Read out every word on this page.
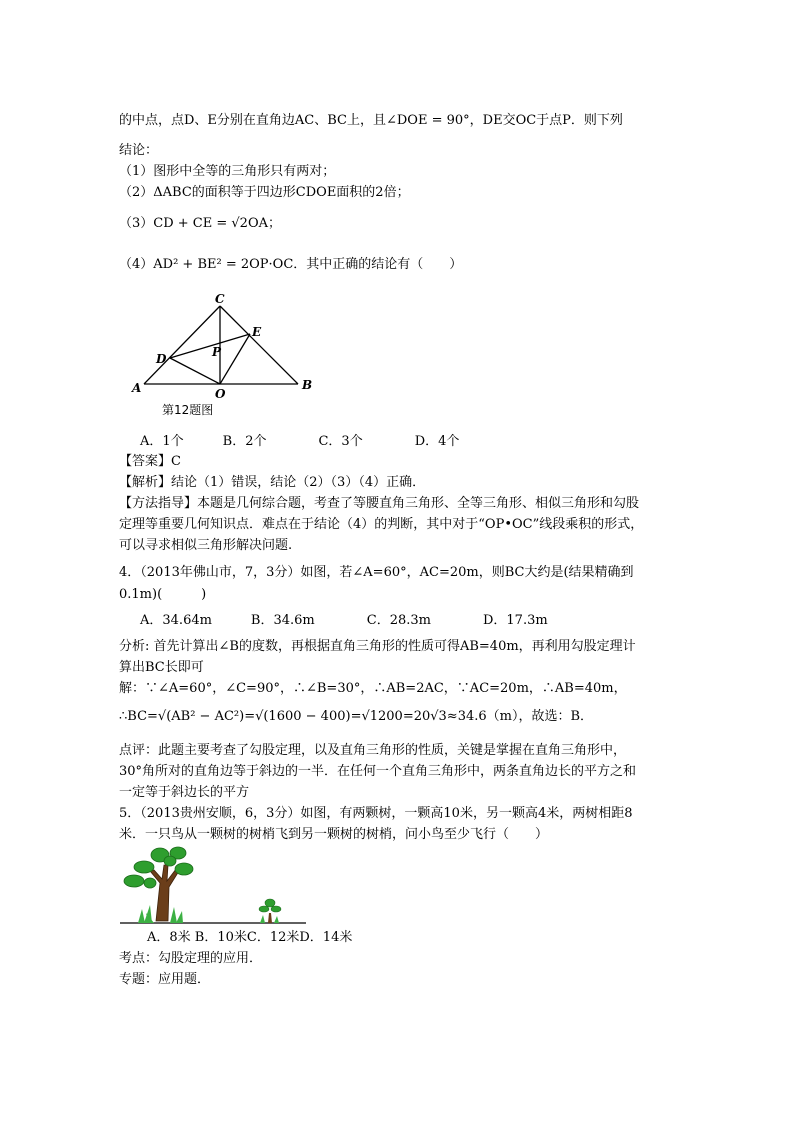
的中点，点D、E分别在直角边AC、BC上，且∠DOE = 90°，DE交OC于点P．则下列
结论：
（1）图形中全等的三角形只有两对；
（2）ΔABC的面积等于四边形CDOE面积的2倍；
（3）CD + CE = √2OA；
（4）AD² + BE² = 2OP·OC．其中正确的结论有（　　）
C
E
D	P
A	O
B
第12题图
A．1个　　　B．2个　　　　C．3个　　　　D．4个
【答案】C
【解析】结论（1）错误，结论（2）（3）（4）正确．
【方法指导】本题是几何综合题，考查了等腰直角三角形、全等三角形、相似三角形和勾股
定理等重要几何知识点．难点在于结论（4）的判断，其中对于“OP•OC”线段乘积的形式，
可以寻求相似三角形解决问题.
4．（2013年佛山市，7，3分）如图，若∠A=60°，AC=20m，则BC大约是(结果精确到
0.1m)(　　　)
A．34.64m　　　B．34.6m　　　　C．28.3m　　　　D．17.3m
分析: 首先计算出∠B的度数，再根据直角三角形的性质可得AB=40m，再利用勾股定理计
算出BC长即可
解：∵∠A=60°，∠C=90°，∴∠B=30°，∴AB=2AC，∵AC=20m，∴AB=40m，
∴BC=√(AB² − AC²)=√(1600 − 400)=√1200=20√3≈34.6（m），故选：B．
点评：此题主要考查了勾股定理，以及直角三角形的性质，关键是掌握在直角三角形中，
30°角所对的直角边等于斜边的一半．在任何一个直角三角形中，两条直角边长的平方之和
一定等于斜边长的平方
5．（2013贵州安顺，6，3分）如图，有两颗树，一颗高10米，另一颗高4米，两树相距8
米．一只鸟从一颗树的树梢飞到另一颗树的树梢，问小鸟至少飞行（　　）
A．8米 B．10米C．12米D．14米
考点：勾股定理的应用．
专题：应用题．
